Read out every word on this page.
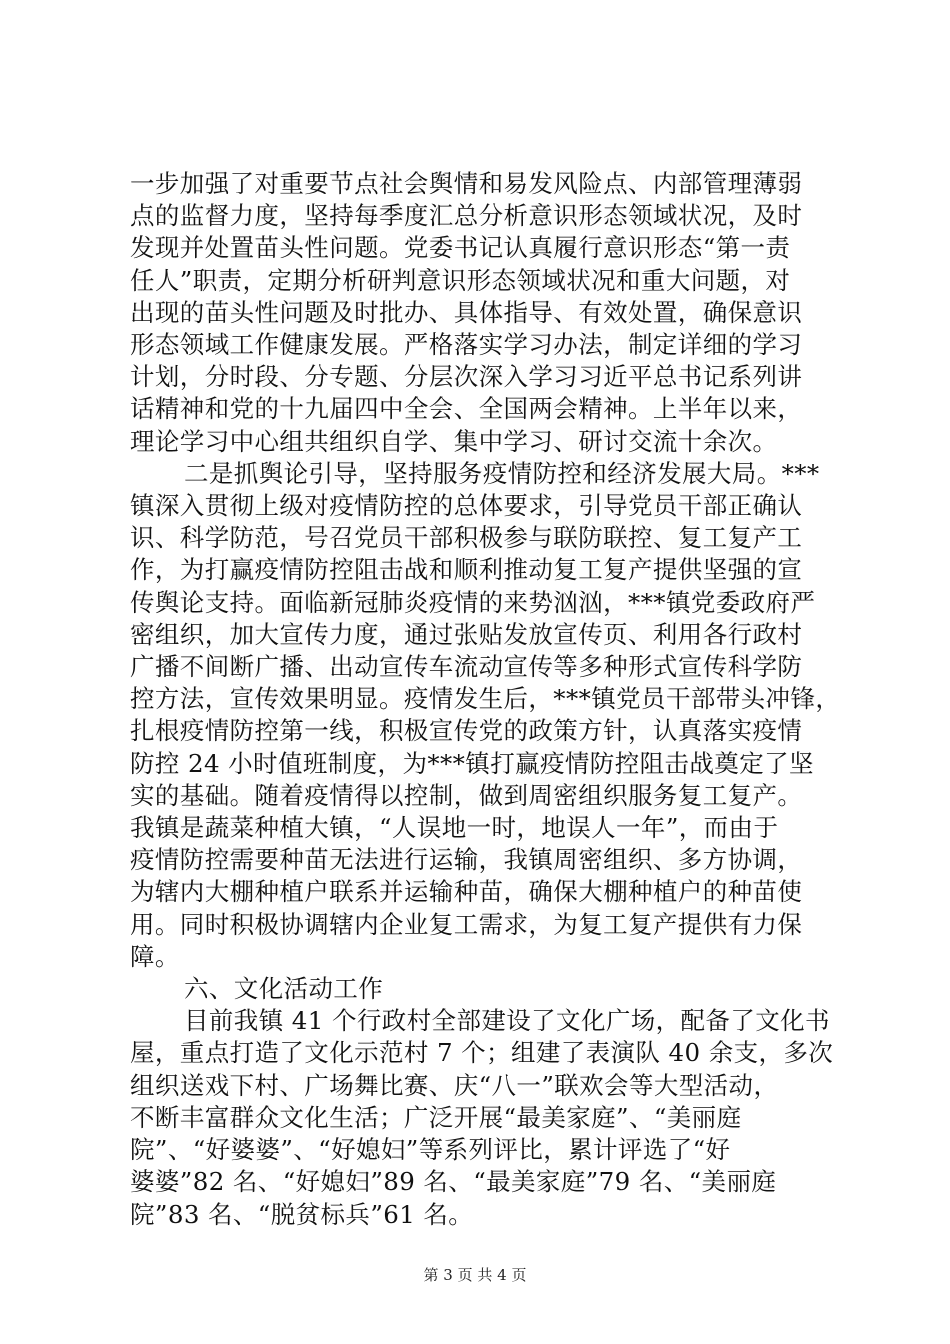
一步加强了对重要节点社会舆情和易发风险点、内部管理薄弱
点的监督力度，坚持每季度汇总分析意识形态领域状况，及时
发现并处置苗头性问题。党委书记认真履行意识形态“第一责
任人”职责，定期分析研判意识形态领域状况和重大问题，对
出现的苗头性问题及时批办、具体指导、有效处置，确保意识
形态领域工作健康发展。严格落实学习办法，制定详细的学习
计划，分时段、分专题、分层次深入学习习近平总书记系列讲
话精神和党的十九届四中全会、全国两会精神。上半年以来，
理论学习中心组共组织自学、集中学习、研讨交流十余次。
二是抓舆论引导，坚持服务疫情防控和经济发展大局。***
镇深入贯彻上级对疫情防控的总体要求，引导党员干部正确认
识、科学防范，号召党员干部积极参与联防联控、复工复产工
作，为打赢疫情防控阻击战和顺利推动复工复产提供坚强的宣
传舆论支持。面临新冠肺炎疫情的来势汹汹，***镇党委政府严
密组织，加大宣传力度，通过张贴发放宣传页、利用各行政村
广播不间断广播、出动宣传车流动宣传等多种形式宣传科学防
控方法，宣传效果明显。疫情发生后，***镇党员干部带头冲锋，
扎根疫情防控第一线，积极宣传党的政策方针，认真落实疫情
防控 24 小时值班制度，为***镇打赢疫情防控阻击战奠定了坚
实的基础。随着疫情得以控制，做到周密组织服务复工复产。
我镇是蔬菜种植大镇，“人误地一时，地误人一年”，而由于
疫情防控需要种苗无法进行运输，我镇周密组织、多方协调，
为辖内大棚种植户联系并运输种苗，确保大棚种植户的种苗使
用。同时积极协调辖内企业复工需求，为复工复产提供有力保
障。
六、文化活动工作
目前我镇 41 个行政村全部建设了文化广场，配备了文化书
屋，重点打造了文化示范村 7 个；组建了表演队 40 余支，多次
组织送戏下村、广场舞比赛、庆“八一”联欢会等大型活动，
不断丰富群众文化生活；广泛开展“最美家庭”、“美丽庭
院”、“好婆婆”、“好媳妇”等系列评比，累计评选了“好
婆婆”82 名、“好媳妇”89 名、“最美家庭”79 名、“美丽庭
院”83 名、“脱贫标兵”61 名。
第 3 页 共 4 页
